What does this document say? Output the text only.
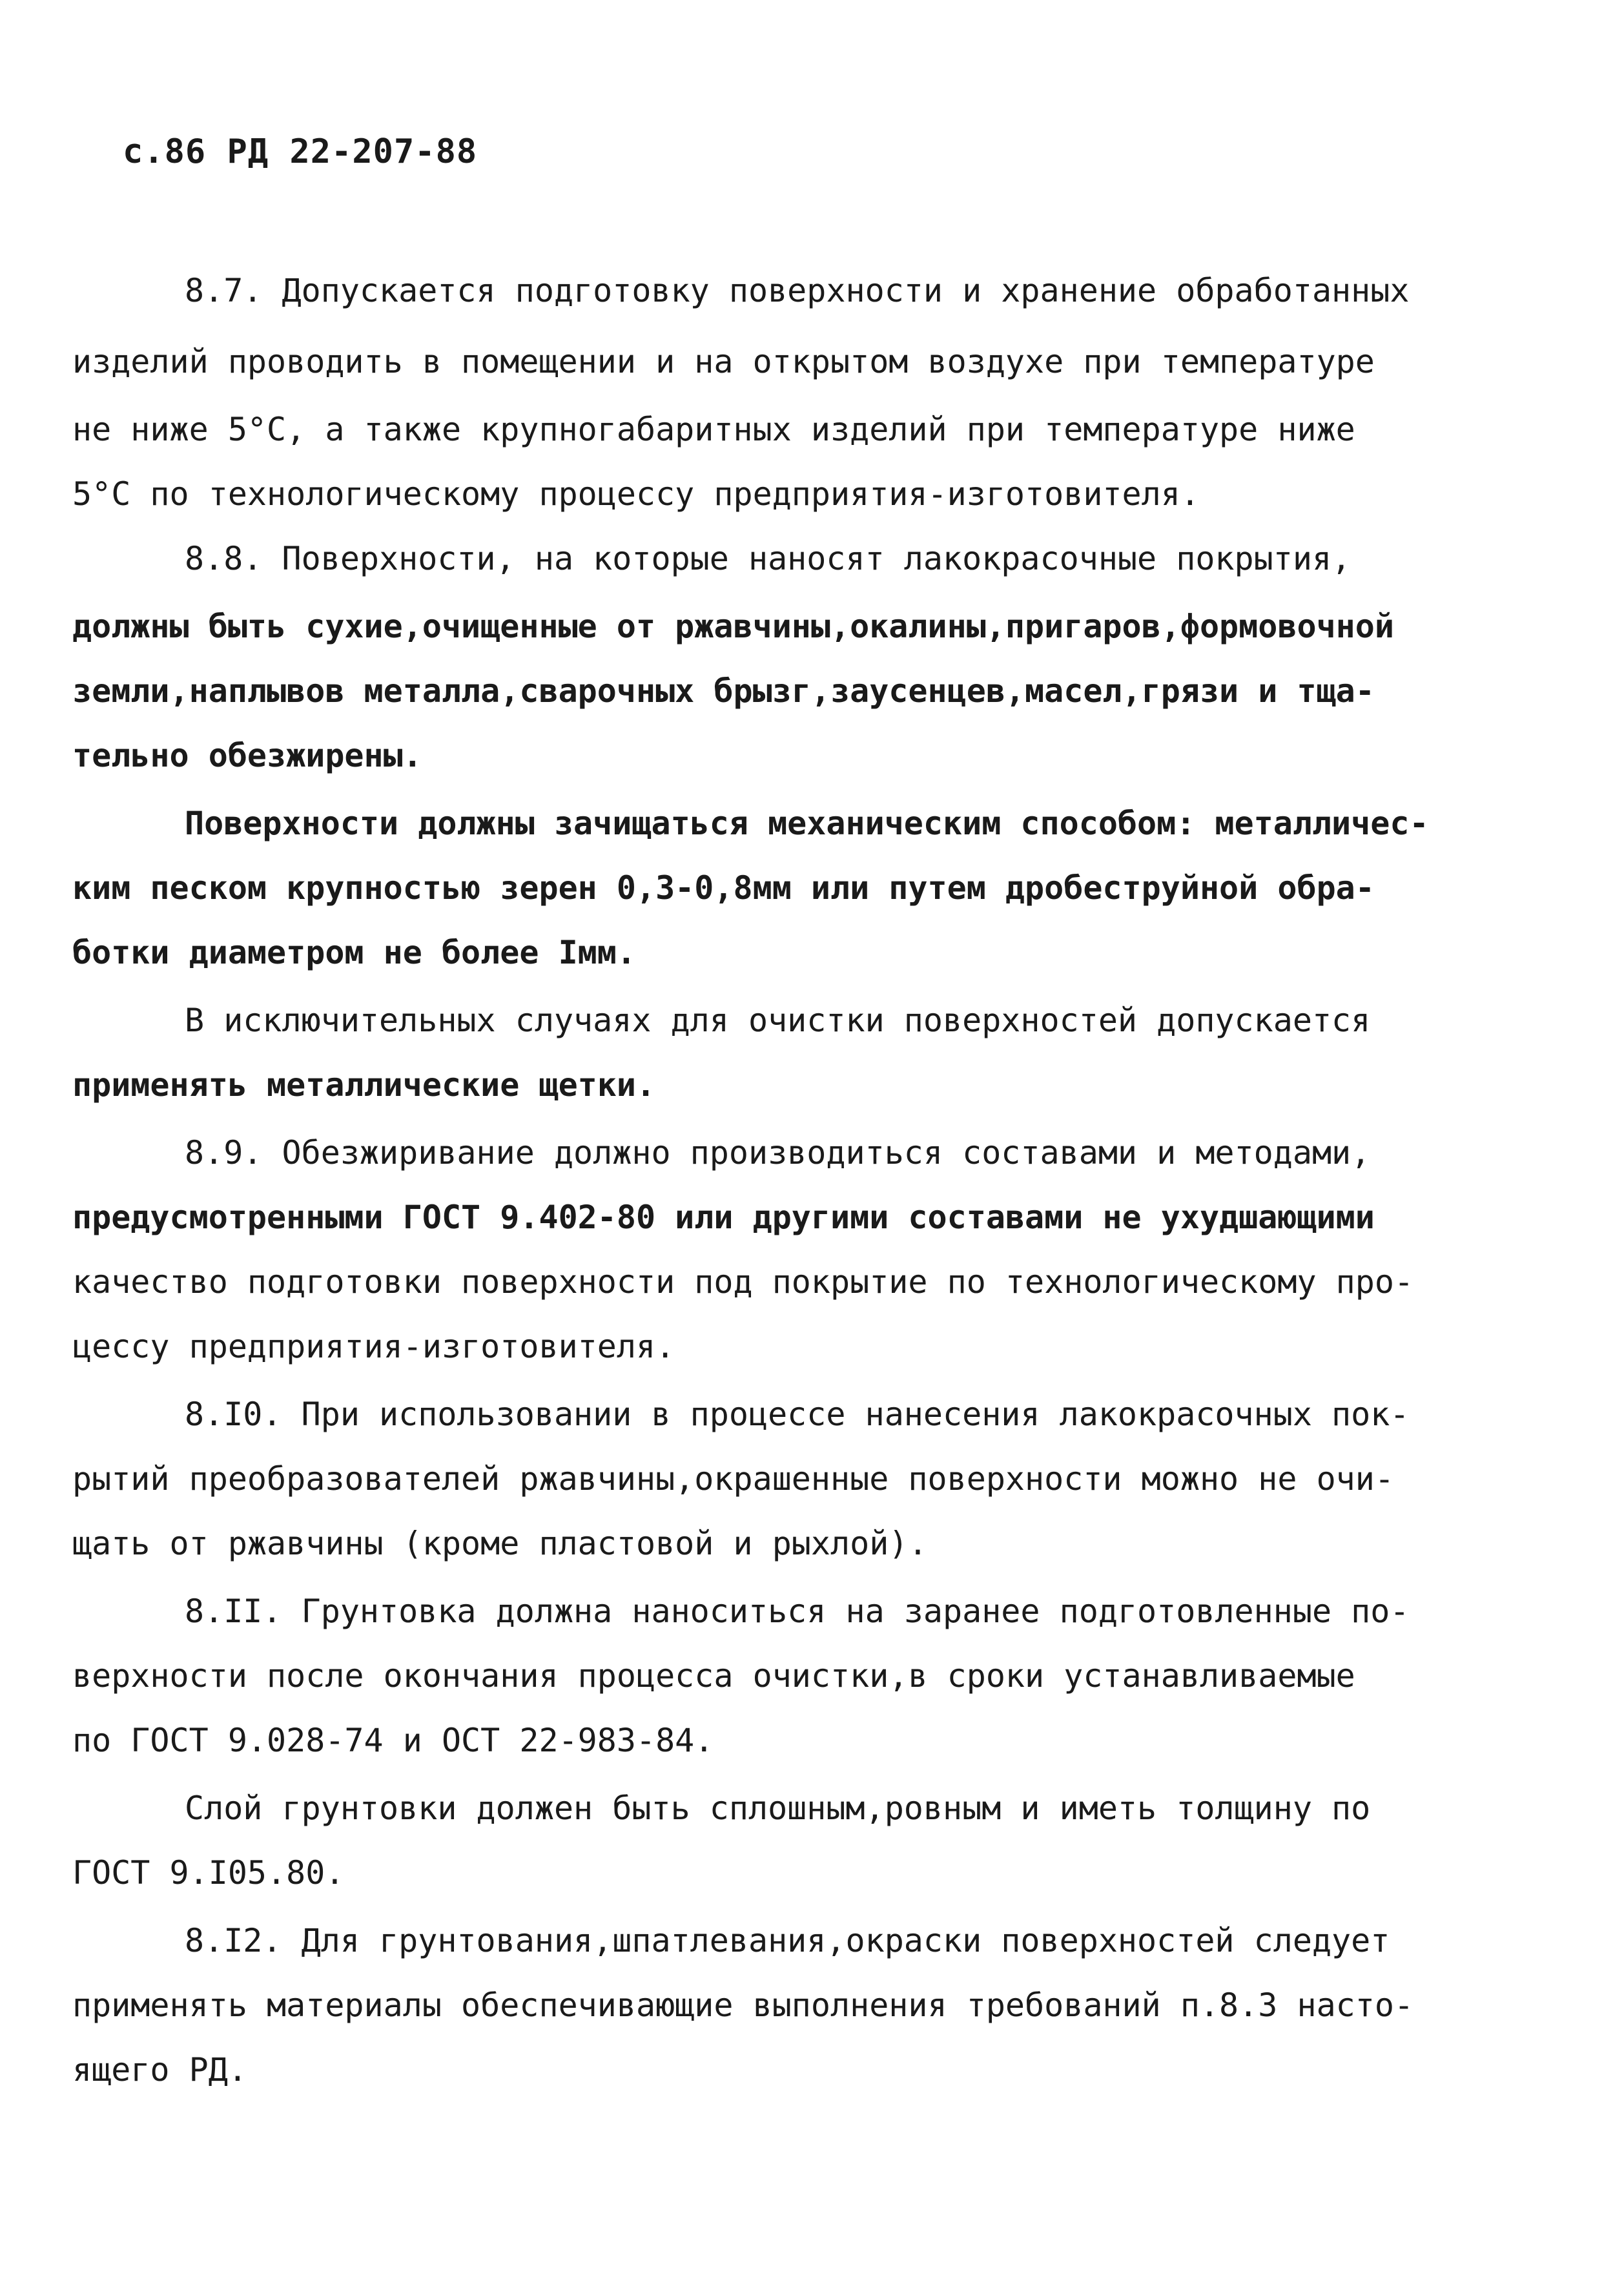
с.86 РД 22-207-88
8.7. Допускается подготовку поверхности и хранение обработанных
изделий проводить в помещении и на открытом воздухе при температуре
не ниже 5°С, а также крупногабаритных изделий при температуре ниже
5°С по технологическому процессу предприятия-изготовителя.
8.8. Поверхности, на которые наносят лакокрасочные покрытия,
должны быть сухие,очищенные от ржавчины,окалины,пригаров,формовочной
земли,наплывов металла,сварочных брызг,заусенцев,масел,грязи и тща-
тельно обезжирены.
Поверхности должны зачищаться механическим способом: металличес-
ким песком крупностью зерен 0,3-0,8мм или путем дробеструйной обра-
ботки диаметром не более Iмм.
В исключительных случаях для очистки поверхностей допускается
применять металлические щетки.
8.9. Обезжиривание должно производиться составами и методами,
предусмотренными ГОСТ 9.402-80 или другими составами не ухудшающими
качество подготовки поверхности под покрытие по технологическому про-
цессу предприятия-изготовителя.
8.I0. При использовании в процессе нанесения лакокрасочных пок-
рытий преобразователей ржавчины,окрашенные поверхности можно не очи-
щать от ржавчины (кроме пластовой и рыхлой).
8.II. Грунтовка должна наноситься на заранее подготовленные по-
верхности после окончания процесса очистки,в сроки устанавливаемые
по ГОСТ 9.028-74 и ОСТ 22-983-84.
Слой грунтовки должен быть сплошным,ровным и иметь толщину по
ГОСТ 9.I05.80.
8.I2. Для грунтования,шпатлевания,окраски поверхностей следует
применять материалы обеспечивающие выполнения требований п.8.3 насто-
ящего РД.
